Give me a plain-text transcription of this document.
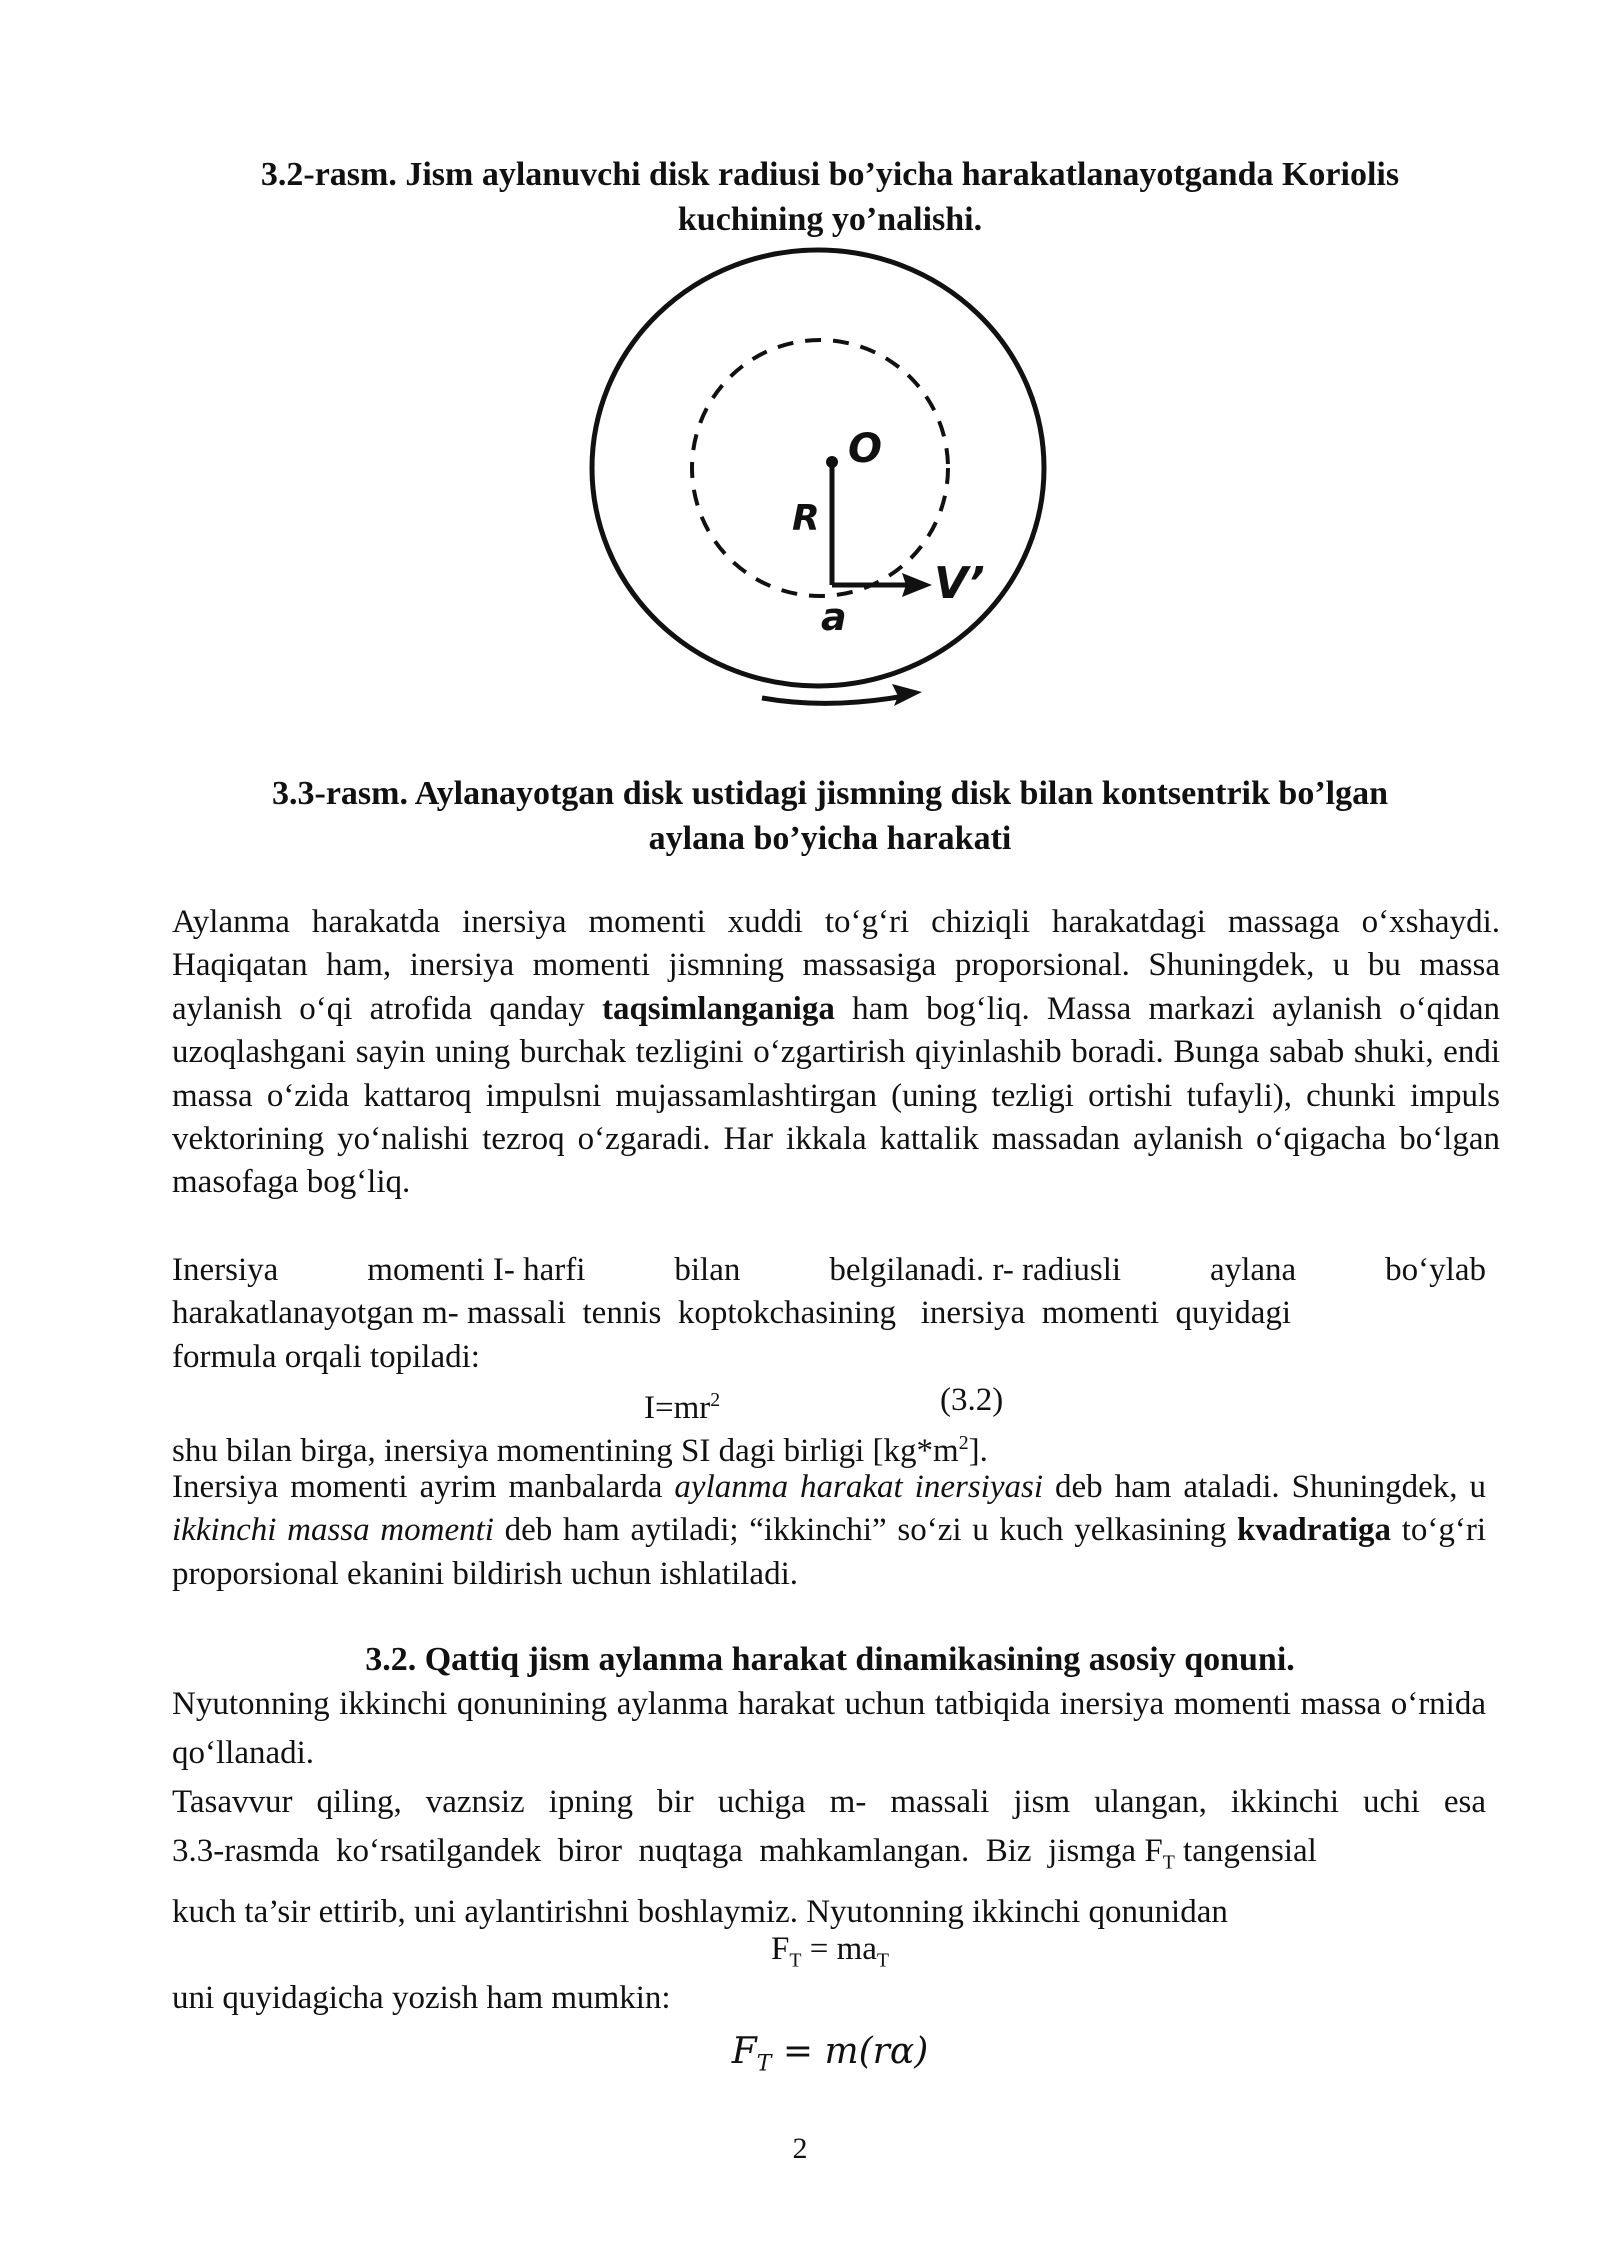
3.2-rasm. Jism aylanuvchi disk radiusi bo’yicha harakatlanayotganda Koriolis
kuchining yo’nalishi.
O
R
a
V’
3.3-rasm. Aylanayotgan disk ustidagi jismning disk bilan kontsentrik bo’lgan
aylana bo’yicha harakati
Aylanma harakatda inersiya momenti xuddi to‘g‘ri chiziqli harakatdagi massaga o‘xshaydi. Haqiqatan ham, inersiya momenti jismning massasiga proporsional. Shuningdek, u bu massa aylanish o‘qi atrofida qanday taqsimlanganiga ham bog‘liq. Massa markazi aylanish o‘qidan uzoqlashgani sayin uning burchak tezligini o‘zgartirish qiyinlashib boradi. Bunga sabab shuki, endi massa o‘zida kattaroq impulsni mujassamlashtirgan (uning tezligi ortishi tufayli), chunki impuls vektorining yo‘nalishi tezroq o‘zgaradi. Har ikkala kattalik massadan aylanish o‘qigacha bo‘lgan masofaga bog‘liq.
Inersiya	momenti I- harfi	bilan	belgilanadi. r- radiusli	aylana	bo‘ylab
harakatlanayotgan m- massali  tennis  koptokchasining   inersiya  momenti  quyidagi
formula orqali topiladi:
$I=mr^2$	(3.2)
shu bilan birga, inersiya momentining SI dagi birligi $[kg*m^2]$.
Inersiya momenti ayrim manbalarda aylanma harakat inersiyasi deb ham ataladi. Shuningdek, u ikkinchi massa momenti deb ham aytiladi; “ikkinchi” so‘zi u kuch yelkasining kvadratiga to‘g‘ri proporsional ekanini bildirish uchun ishlatiladi.
3.2. Qattiq jism aylanma harakat dinamikasining asosiy qonuni.
Nyutonning ikkinchi qonunining aylanma harakat uchun tatbiqida inersiya momenti massa o‘rnida qo‘llanadi.
Tasavvur qiling, vaznsiz ipning bir uchiga m- massali jism ulangan, ikkinchi uchi esa
3.3-rasmda  ko‘rsatilgandek  biror  nuqtaga  mahkamlangan.  Biz  jismga $F_T$ tangensial
kuch ta’sir ettirib, uni aylantirishni boshlaymiz. Nyutonning ikkinchi qonunidan
$F_T = ma_T$
uni quyidagicha yozish ham mumkin:
$F_T = m(r\alpha)$
2
